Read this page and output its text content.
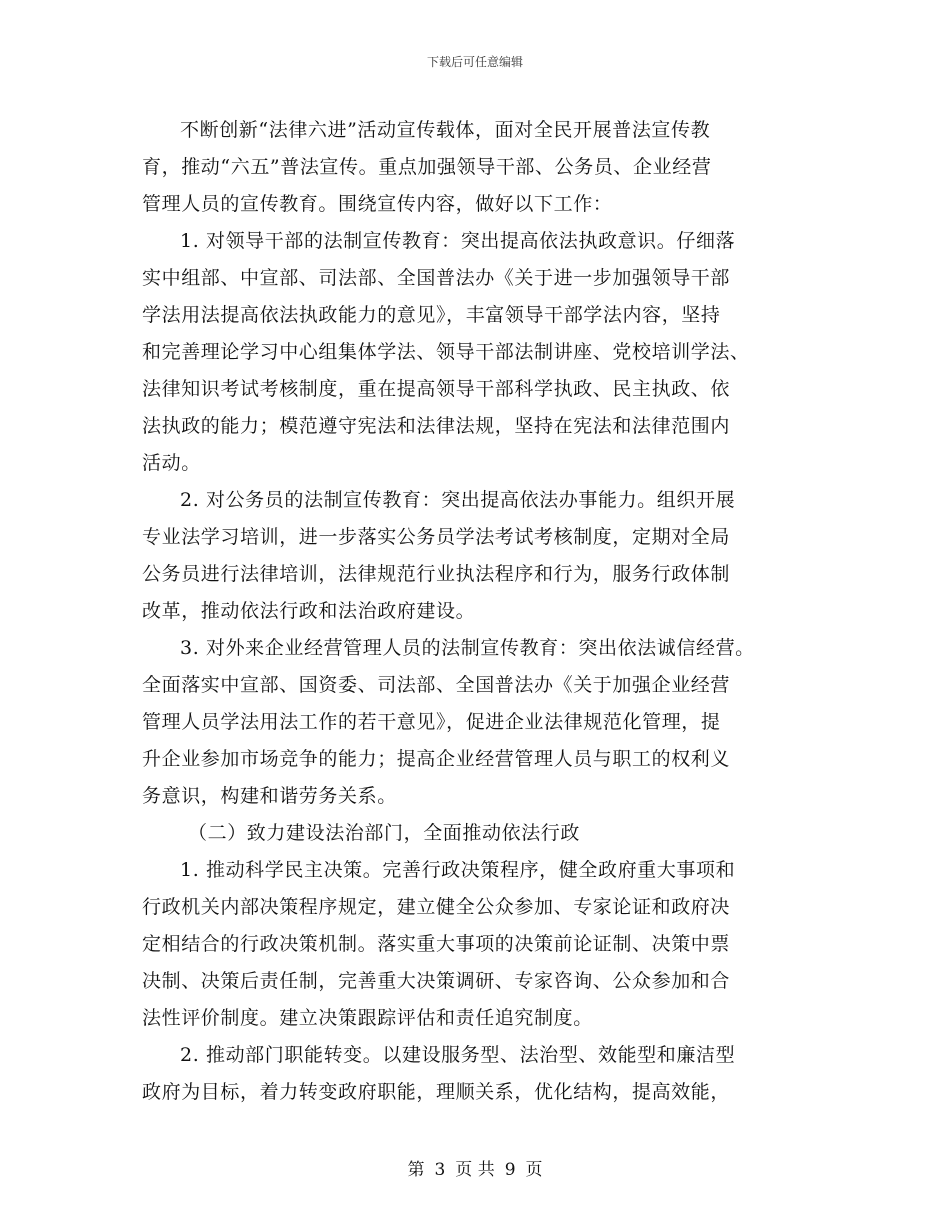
下载后可任意编辑
不断创新“法律六进”活动宣传载体，面对全民开展普法宣传教
育，推动“六五”普法宣传。重点加强领导干部、公务员、企业经营
管理人员的宣传教育。围绕宣传内容，做好以下工作：
1. 对领导干部的法制宣传教育：突出提高依法执政意识。仔细落
实中组部、中宣部、司法部、全国普法办《关于进一步加强领导干部
学法用法提高依法执政能力的意见》，丰富领导干部学法内容，坚持
和完善理论学习中心组集体学法、领导干部法制讲座、党校培训学法、
法律知识考试考核制度，重在提高领导干部科学执政、民主执政、依
法执政的能力；模范遵守宪法和法律法规，坚持在宪法和法律范围内
活动。
2. 对公务员的法制宣传教育：突出提高依法办事能力。组织开展
专业法学习培训，进一步落实公务员学法考试考核制度，定期对全局
公务员进行法律培训，法律规范行业执法程序和行为，服务行政体制
改革，推动依法行政和法治政府建设。
3. 对外来企业经营管理人员的法制宣传教育：突出依法诚信经营。
全面落实中宣部、国资委、司法部、全国普法办《关于加强企业经营
管理人员学法用法工作的若干意见》，促进企业法律规范化管理，提
升企业参加市场竞争的能力；提高企业经营管理人员与职工的权利义
务意识，构建和谐劳务关系。
（二）致力建设法治部门，全面推动依法行政
1. 推动科学民主决策。完善行政决策程序，健全政府重大事项和
行政机关内部决策程序规定，建立健全公众参加、专家论证和政府决
定相结合的行政决策机制。落实重大事项的决策前论证制、决策中票
决制、决策后责任制，完善重大决策调研、专家咨询、公众参加和合
法性评价制度。建立决策跟踪评估和责任追究制度。
2. 推动部门职能转变。以建设服务型、法治型、效能型和廉洁型
政府为目标，着力转变政府职能，理顺关系，优化结构，提高效能，
第 3 页 共 9 页
